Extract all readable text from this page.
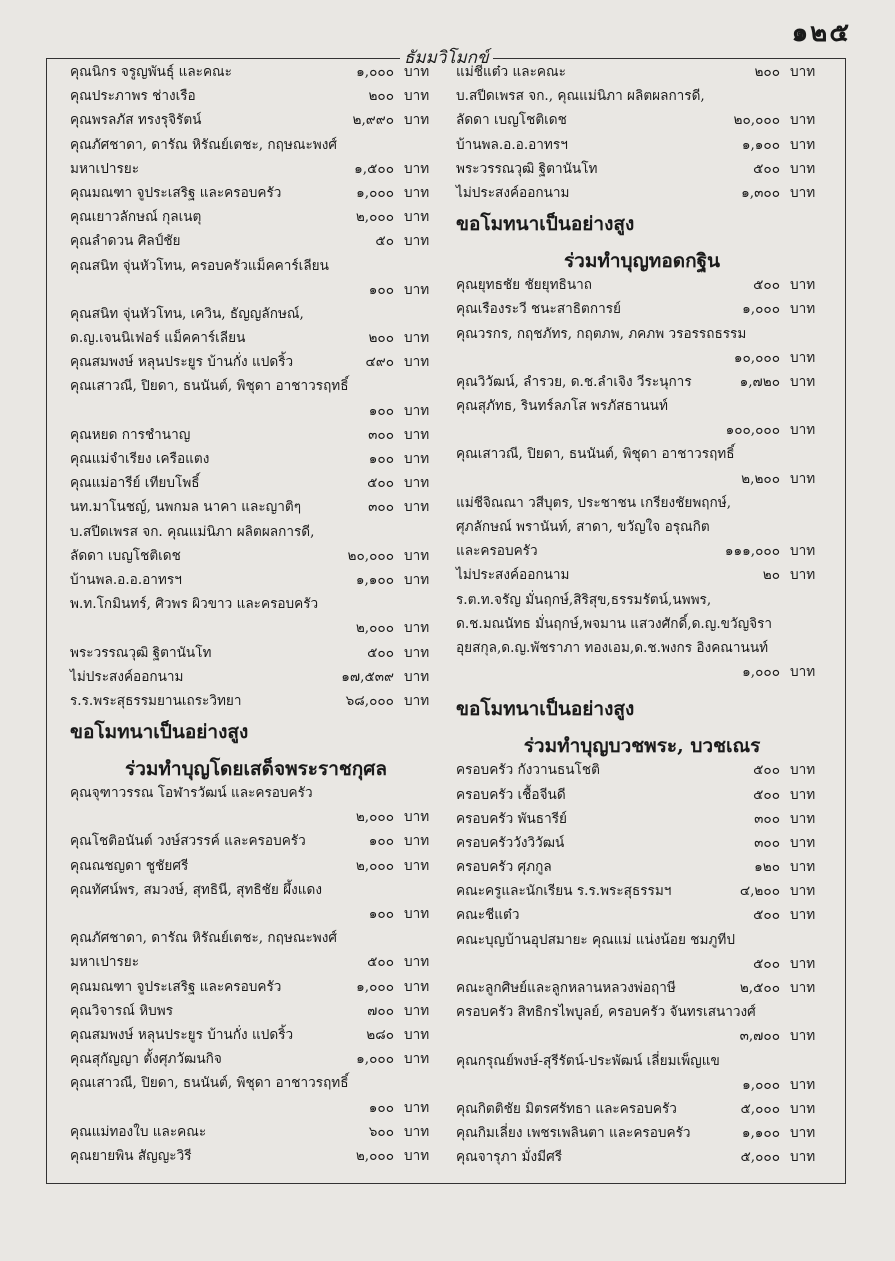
๑๒๕
ธัมมวิโมกข์
คุณนิกร จรูญพันธุ์ และคณะ	๑,๐๐๐ บาท
คุณประภาพร ช่างเรือ	๒๐๐ บาท
คุณพรลภัส ทรงรุจิรัตน์	๒,๙๙๐ บาท
คุณภัศชาดา, ดารัณ หิรัณย์เตชะ, กฤษณะพงศ์
มหาเปารยะ	๑,๕๐๐ บาท
คุณมณฑา จูประเสริฐ และครอบครัว	๑,๐๐๐ บาท
คุณเยาวลักษณ์ กุลเนตุ	๒,๐๐๐ บาท
คุณลำดวน ศิลป์ชัย	๕๐ บาท
คุณสนิท จุ่นหัวโทน, ครอบครัวแม็คคาร์เลียน
๑๐๐ บาท
คุณสนิท จุ่นหัวโทน, เควิน, ธัญญลักษณ์,
ด.ญ.เจนนิเฟอร์ แม็คคาร์เลียน	๒๐๐ บาท
คุณสมพงษ์ หลุนประยูร บ้านกั่ง แปดริ้ว	๔๙๐ บาท
คุณเสาวณี, ปิยดา, ธนนันต์, พิชุดา อาชาวรฤทธิ์
๑๐๐ บาท
คุณหยด การชำนาญ	๓๐๐ บาท
คุณแม่จำเรียง เครือแตง	๑๐๐ บาท
คุณแม่อารีย์ เทียบโพธิ์	๕๐๐ บาท
นท.มาโนชญ์, นพกมล นาคา และญาติๆ	๓๐๐ บาท
บ.สปีดเพรส จก. คุณแม่นิภา ผลิตผลการดี,
ลัดดา เบญโชติเดช	๒๐,๐๐๐ บาท
บ้านพล.อ.อ.อาทรฯ	๑,๑๐๐ บาท
พ.ท.โกมินทร์, ศิวพร ผิวขาว และครอบครัว
๒,๐๐๐ บาท
พระวรรณวุฒิ ฐิตานันโท	๕๐๐ บาท
ไม่ประสงค์ออกนาม	๑๗,๕๓๙ บาท
ร.ร.พระสุธรรมยานเถระวิทยา	๖๘,๐๐๐ บาท
ขอโมทนาเป็นอย่างสูง
ร่วมทำบุญโดยเสด็จพระราชกุศล
คุณจุฑาวรรณ โอฬารวัฒน์ และครอบครัว
๒,๐๐๐ บาท
คุณโชติอนันต์ วงษ์สวรรค์ และครอบครัว	๑๐๐ บาท
คุณณชญดา ชูชัยศรี	๒,๐๐๐ บาท
คุณทัศน์พร, สมวงษ์, สุทธินี, สุทธิชัย ผึ้งแดง
๑๐๐ บาท
คุณภัศชาดา, ดารัณ หิรัณย์เตชะ, กฤษณะพงศ์
มหาเปารยะ	๕๐๐ บาท
คุณมณฑา จูประเสริฐ และครอบครัว	๑,๐๐๐ บาท
คุณวิจารณ์ หิบพร	๗๐๐ บาท
คุณสมพงษ์ หลุนประยูร บ้านกั่ง แปดริ้ว	๒๘๐ บาท
คุณสุกัญญา ตั้งศุภวัฒนกิจ	๑,๐๐๐ บาท
คุณเสาวณี, ปิยดา, ธนนันต์, พิชุดา อาชาวรฤทธิ์
๑๐๐ บาท
คุณแม่ทองใบ และคณะ	๖๐๐ บาท
คุณยายพิน สัญญะวิรี	๒,๐๐๐ บาท
แม่ชีแต๋ว และคณะ	๒๐๐ บาท
บ.สปีดเพรส จก., คุณแม่นิภา ผลิตผลการดี,
ลัดดา เบญโชติเดช	๒๐,๐๐๐ บาท
บ้านพล.อ.อ.อาทรฯ	๑,๑๐๐ บาท
พระวรรณวุฒิ ฐิตานันโท	๕๐๐ บาท
ไม่ประสงค์ออกนาม	๑,๓๐๐ บาท
ขอโมทนาเป็นอย่างสูง
ร่วมทำบุญทอดกฐิน
คุณยุทธชัย ชัยยุทธินาถ	๕๐๐ บาท
คุณเรืองระวี ชนะสาธิตการย์	๑,๐๐๐ บาท
คุณวรกร, กฤชภัทร, กฤตภพ, ภคภพ วรอรรถธรรม
๑๐,๐๐๐ บาท
คุณวิวัฒน์, ลำรวย, ด.ช.ลำเจิง วีระนุการ	๑,๗๒๐ บาท
คุณสุภัทธ, รินทร์ลภโส พรภัสธานนท์
๑๐๐,๐๐๐ บาท
คุณเสาวณี, ปิยดา, ธนนันต์, พิชุดา อาชาวรฤทธิ์
๒,๒๐๐ บาท
แม่ชีจิณณา วสีบุตร, ประชาชน เกรียงชัยพฤกษ์,
ศุภลักษณ์ พรานันท์, สาดา, ขวัญใจ อรุณกิต
และครอบครัว	๑๑๑,๐๐๐ บาท
ไม่ประสงค์ออกนาม	๒๐ บาท
ร.ต.ท.จรัญ มั่นฤกษ์,สิริสุข,ธรรมรัตน์,นพพร,
ด.ช.มณนัทธ มั่นฤกษ์,พจมาน แสวงศักดิ์,ด.ญ.ขวัญจิรา
อุยสกุล,ด.ญ.พัชราภา ทองเอม,ด.ช.พงกร อิงคณานนท์
๑,๐๐๐ บาท
ขอโมทนาเป็นอย่างสูง
ร่วมทำบุญบวชพระ, บวชเณร
ครอบครัว กังวานธนโชติ	๕๐๐ บาท
ครอบครัว เชื้อจีนดี	๕๐๐ บาท
ครอบครัว พันธารีย์	๓๐๐ บาท
ครอบครัววังวิวัฒน์	๓๐๐ บาท
ครอบครัว ศุภกูล	๑๒๐ บาท
คณะครูและนักเรียน ร.ร.พระสุธรรมฯ	๔,๒๐๐ บาท
คณะชีแต๋ว	๕๐๐ บาท
คณะบุญบ้านอุปสมายะ คุณแม่ แน่งน้อย ชมภูทีป
๕๐๐ บาท
คณะลูกศิษย์และลูกหลานหลวงพ่อฤาษี	๒,๕๐๐ บาท
ครอบครัว สิทธิกรไพบูลย์, ครอบครัว จันทรเสนาวงศ์
๓,๗๐๐ บาท
คุณกรุณย์พงษ์-สุรีรัตน์-ประพัฒน์ เลี่ยมเพ็ญแข
๑,๐๐๐ บาท
คุณกิตติชัย มิตรศรัทธา และครอบครัว	๕,๐๐๐ บาท
คุณกิมเลี่ยง เพชรเพลินตา และครอบครัว	๑,๑๐๐ บาท
คุณจารุภา มั่งมีศรี	๕,๐๐๐ บาท
